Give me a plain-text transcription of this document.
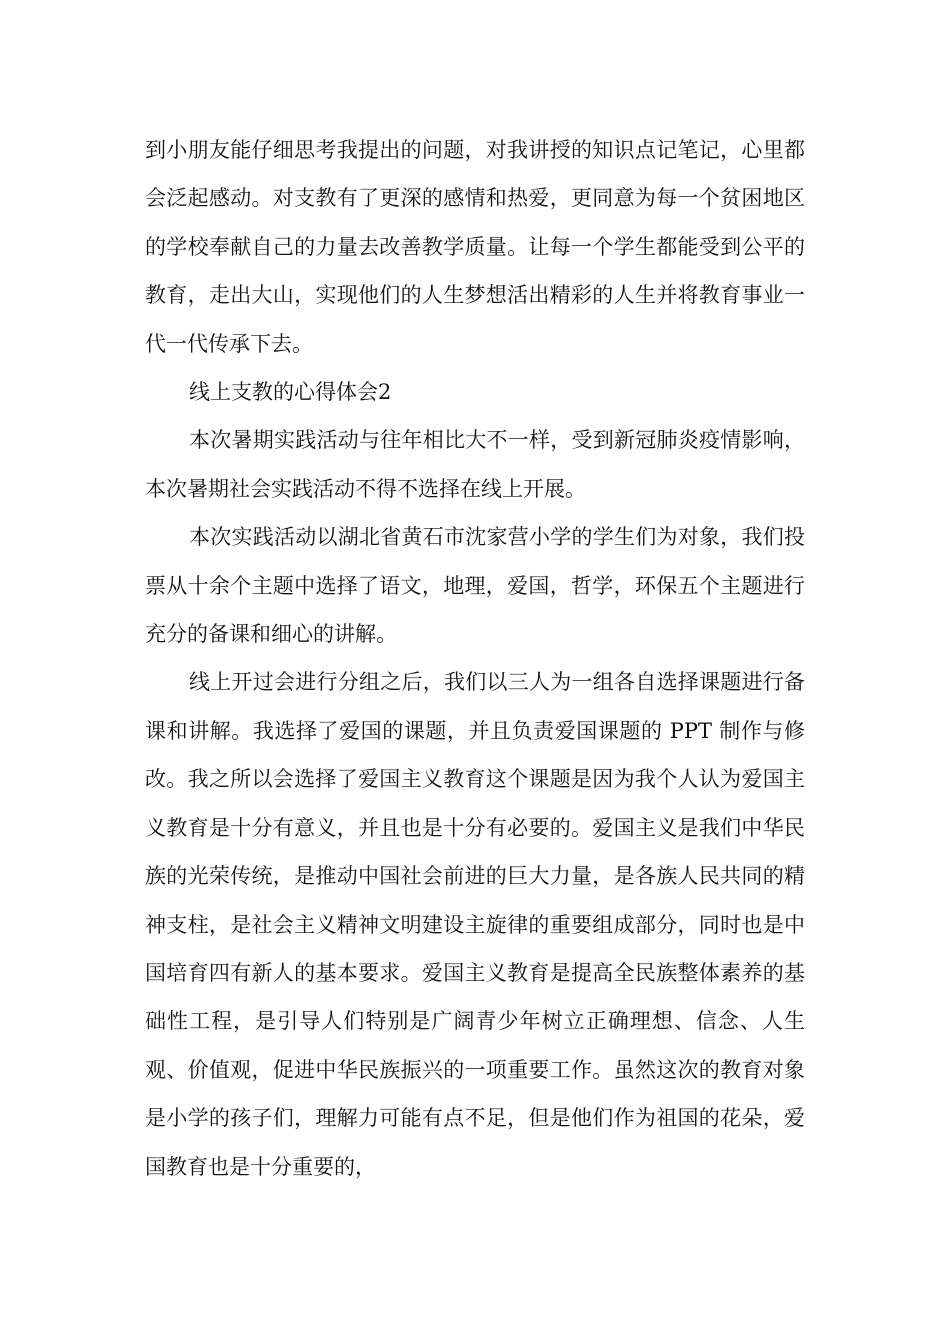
到小朋友能仔细思考我提出的问题，对我讲授的知识点记笔记，心里都会泛起感动。对支教有了更深的感情和热爱，更同意为每一个贫困地区的学校奉献自己的力量去改善教学质量。让每一个学生都能受到公平的教育，走出大山，实现他们的人生梦想活出精彩的人生并将教育事业一代一代传承下去。

线上支教的心得体会2

本次暑期实践活动与往年相比大不一样，受到新冠肺炎疫情影响，本次暑期社会实践活动不得不选择在线上开展。

本次实践活动以湖北省黄石市沈家营小学的学生们为对象，我们投票从十余个主题中选择了语文，地理，爱国，哲学，环保五个主题进行充分的备课和细心的讲解。

线上开过会进行分组之后，我们以三人为一组各自选择课题进行备课和讲解。我选择了爱国的课题，并且负责爱国课题的 PPT 制作与修改。我之所以会选择了爱国主义教育这个课题是因为我个人认为爱国主义教育是十分有意义，并且也是十分有必要的。爱国主义是我们中华民族的光荣传统，是推动中国社会前进的巨大力量，是各族人民共同的精神支柱，是社会主义精神文明建设主旋律的重要组成部分，同时也是中国培育四有新人的基本要求。爱国主义教育是提高全民族整体素养的基础性工程，是引导人们特别是广阔青少年树立正确理想、信念、人生观、价值观，促进中华民族振兴的一项重要工作。虽然这次的教育对象是小学的孩子们，理解力可能有点不足，但是他们作为祖国的花朵，爱国教育也是十分重要的，
